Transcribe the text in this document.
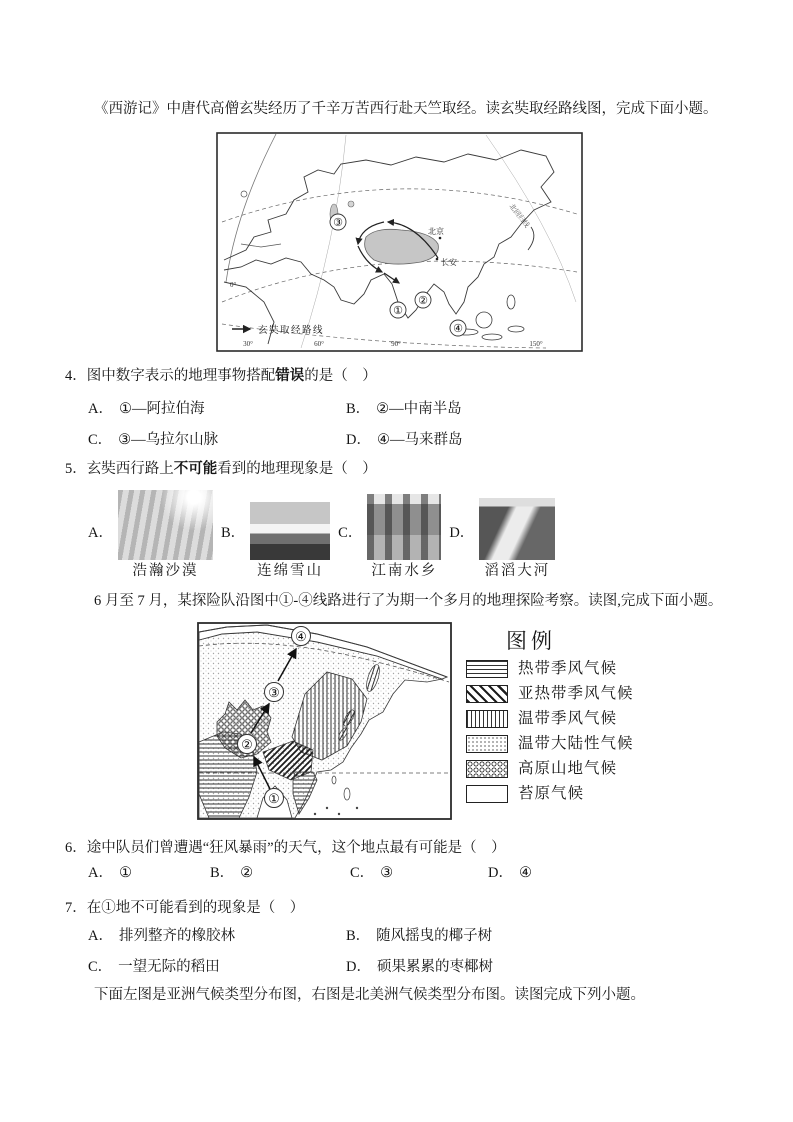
《西游记》中唐代高僧玄奘经历了千辛万苦西行赴天竺取经。读玄奘取经路线图，完成下面小题。

北京
长安
①
②
③
④
北回归线
玄奘取经路线
0°
30°	60°	90°	150°

4．图中数字表示的地理事物搭配错误的是（　）

A． ①—阿拉伯海	B． ②—中南半岛
C． ③—乌拉尔山脉	D． ④—马来群岛

5．玄奘西行路上不可能看到的地理现象是（　）

A．
浩瀚沙漠
B．
连绵雪山
C．
江南水乡
D．
滔滔大河

6 月至 7 月，某探险队沿图中①-④线路进行了为期一个多月的地理探险考察。读图,完成下面小题。

①
②
③
④	图例
热带季风气候
亚热带季风气候
温带季风气候
温带大陆性气候
高原山地气候
苔原气候

6．途中队员们曾遭遇“狂风暴雨”的天气，这个地点最有可能是（　）

A． ①	B． ②	C． ③	D． ④

7．在①地不可能看到的现象是（　）

A． 排列整齐的橡胶林	B． 随风摇曳的椰子树
C． 一望无际的稻田	D． 硕果累累的枣椰树

下面左图是亚洲气候类型分布图，右图是北美洲气候类型分布图。读图完成下列小题。
